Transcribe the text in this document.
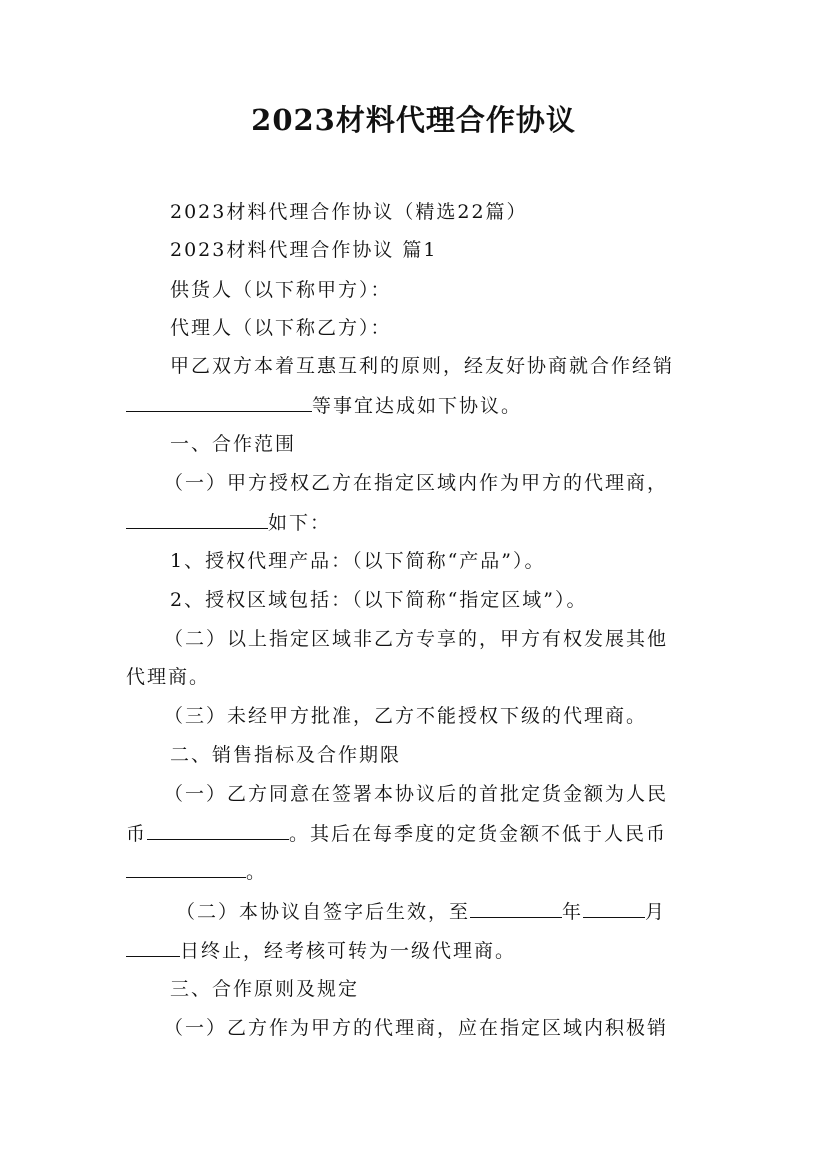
2023材料代理合作协议
2023材料代理合作协议（精选22篇）
2023材料代理合作协议 篇1
供货人（以下称甲方）：
代理人（以下称乙方）：
甲乙双方本着互惠互利的原则，经友好协商就合作经销
等事宜达成如下协议。
一、合作范围
（一）甲方授权乙方在指定区域内作为甲方的代理商，
如下：
1、授权代理产品：（以下简称“产品”）。
2、授权区域包括：（以下简称“指定区域”）。
（二）以上指定区域非乙方专享的，甲方有权发展其他
代理商。
（三）未经甲方批准，乙方不能授权下级的代理商。
二、销售指标及合作期限
（一）乙方同意在签署本协议后的首批定货金额为人民
币	。其后在每季度的定货金额不低于人民币
。
（二）本协议自签字后生效，至	年	月
日终止，经考核可转为一级代理商。
三、合作原则及规定
（一）乙方作为甲方的代理商，应在指定区域内积极销
